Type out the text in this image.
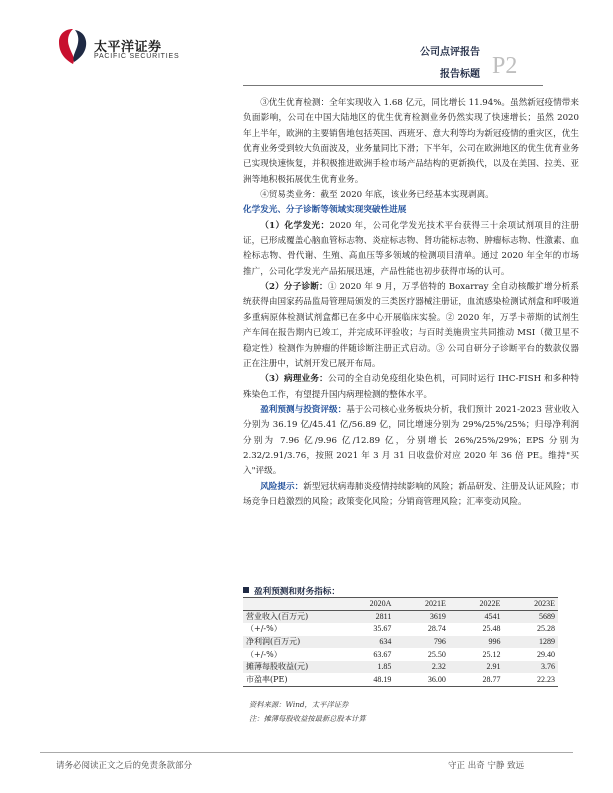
太平洋证券
PACIFIC SECURITIES	公司点评报告
P2
报告标题

③优生优育检测：全年实现收入 1.68 亿元，同比增长 11.94%。虽然新冠疫情带来负面影响，公司在中国大陆地区的优生优育检测业务仍然实现了快速增长；虽然 2020 年上半年，欧洲的主要销售地包括英国、西班牙、意大利等均为新冠疫情的重灾区，优生优育业务受到较大负面波及，业务量同比下滑；下半年，公司在欧洲地区的优生优育业务已实现快速恢复，并积极推进欧洲手检市场产品结构的更新换代，以及在美国、拉美、亚洲等地积极拓展优生优育业务。

④贸易类业务：截至 2020 年底，该业务已经基本实现剥离。

化学发光、分子诊断等领域实现突破性进展

（1）化学发光：2020 年，公司化学发光技术平台获得三十余项试剂项目的注册证，已形成覆盖心脑血管标志物、炎症标志物、肾功能标志物、肿瘤标志物、性激素、血栓标志物、骨代谢、生殖、高血压等多领域的检测项目清单。通过 2020 年全年的市场推广，公司化学发光产品拓展迅速，产品性能也初步获得市场的认可。

（2）分子诊断：① 2020 年 9 月，万孚倍特的 Boxarray 全自动核酸扩增分析系统获得由国家药品监局管理局颁发的三类医疗器械注册证，血流感染检测试剂盒和呼吸道多重病原体检测试剂盒都已在多中心开展临床实验。② 2020 年，万孚卡蒂斯的试剂生产车间在报告期内已竣工，并完成环评验收；与百时美施贵宝共同推动 MSI（微卫星不稳定性）检测作为肿瘤的伴随诊断注册正式启动。③ 公司自研分子诊断平台的数款仪器正在注册中，试剂开发已展开布局。

（3）病理业务：公司的全自动免疫组化染色机，可同时运行 IHC-FISH 和多种特殊染色工作，有望提升国内病理检测的整体水平。

盈利预测与投资评级：基于公司核心业务板块分析，我们预计 2021-2023 营业收入分别为 36.19 亿/45.41 亿/56.89 亿，同比增速分别为 29%/25%/25%；归母净利润分别为 7.96 亿/9.96 亿/12.89 亿，分别增长 26%/25%/29%；EPS 分别为 2.32/2.91/3.76，按照 2021 年 3 月 31 日收盘价对应 2020 年 36 倍 PE。维持"买入"评级。

风险提示：新型冠状病毒肺炎疫情持续影响的风险；新品研发、注册及认证风险；市场竞争日趋激烈的风险；政策变化风险；分销商管理风险；汇率变动风险。

盈利预测和财务指标：
	2020A	2021E	2022E	2023E
营业收入(百万元)	2811	3619	4541	5689
（+/-%）	35.67	28.74	25.48	25.28
净利润(百万元)	634	796	996	1289
（+/-%）	63.67	25.50	25.12	29.40
摊薄每股收益(元)	1.85	2.32	2.91	3.76
市盈率(PE)	48.19	36.00	28.77	22.23
资料来源：Wind，太平洋证券
注：摊薄每股收益按最新总股本计算
请务必阅读正文之后的免责条款部分	守正 出奇 宁静 致远
